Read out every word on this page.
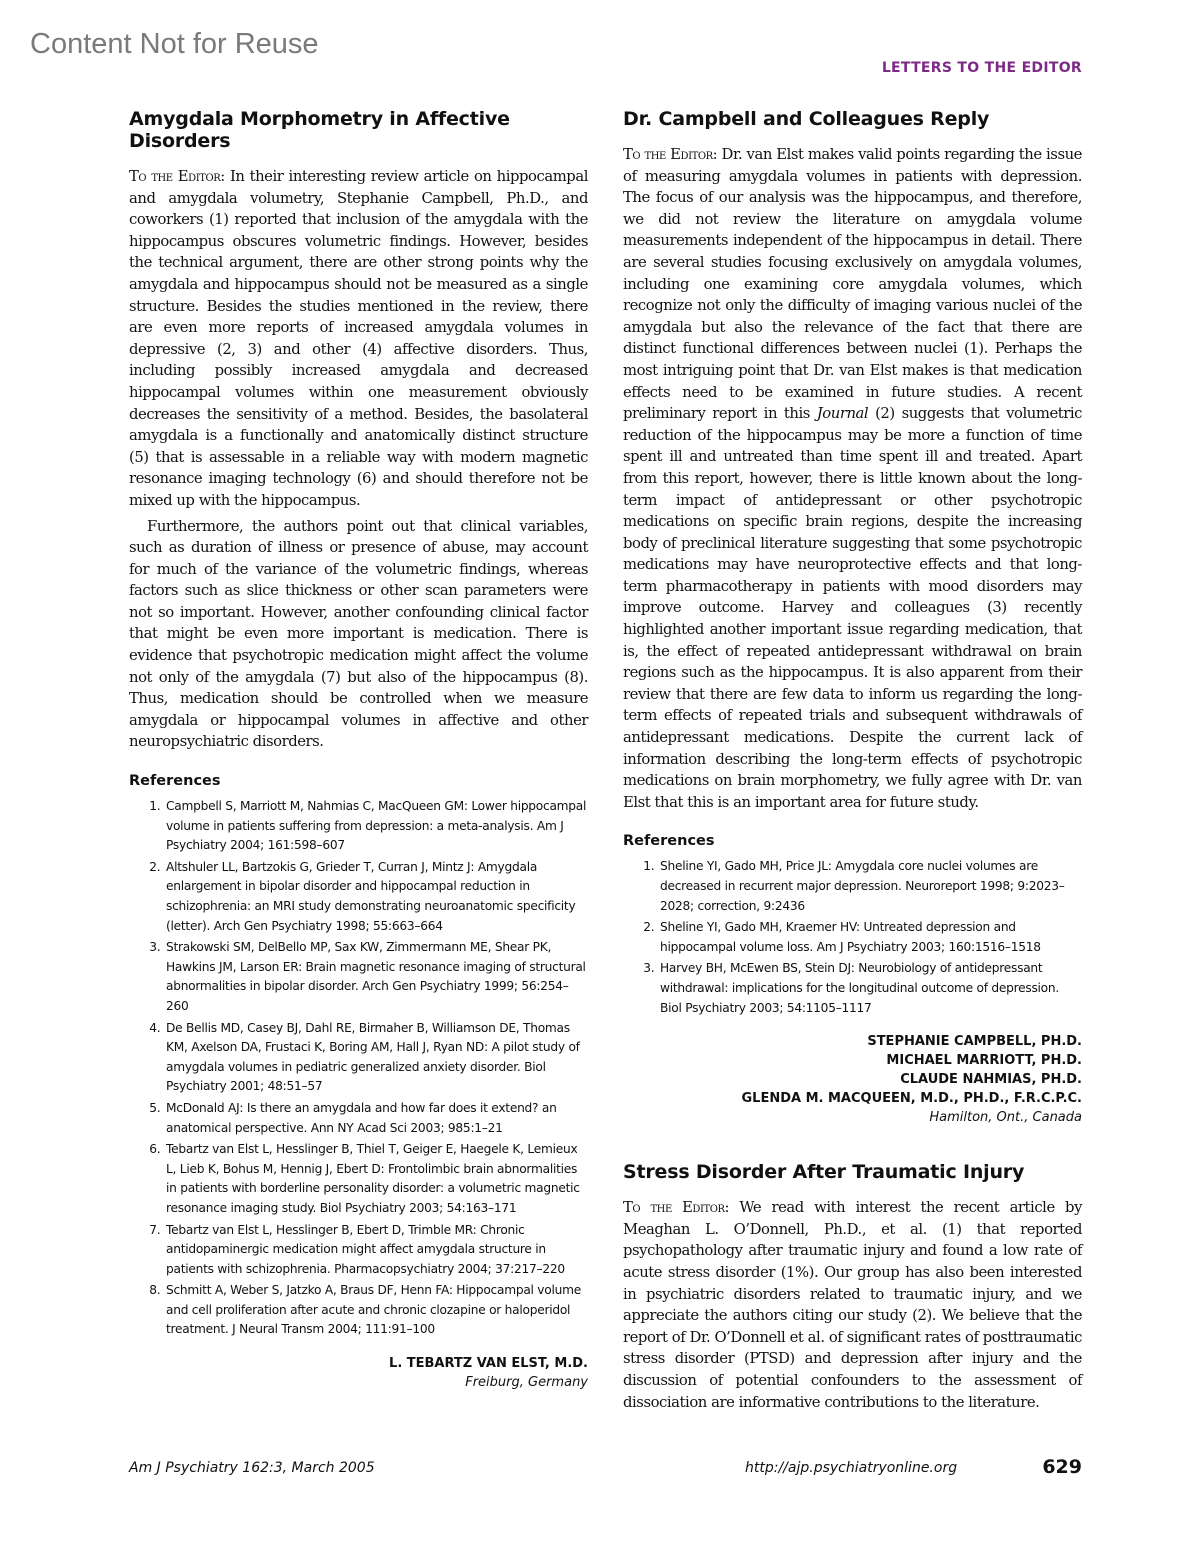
Content Not for Reuse
LETTERS TO THE EDITOR
Amygdala Morphometry in Affective Disorders

To the Editor: In their interesting review article on hippocampal and amygdala volumetry, Stephanie Campbell, Ph.D., and coworkers (1) reported that inclusion of the amygdala with the hippocampus obscures volumetric findings. However, besides the technical argument, there are other strong points why the amygdala and hippocampus should not be measured as a single structure. Besides the studies mentioned in the review, there are even more reports of increased amygdala volumes in depressive (2, 3) and other (4) affective disorders. Thus, including possibly increased amygdala and decreased hippocampal volumes within one measurement obviously decreases the sensitivity of a method. Besides, the basolateral amygdala is a functionally and anatomically distinct structure (5) that is assessable in a reliable way with modern magnetic resonance imaging technology (6) and should therefore not be mixed up with the hippocampus.

Furthermore, the authors point out that clinical variables, such as duration of illness or presence of abuse, may account for much of the variance of the volumetric findings, whereas factors such as slice thickness or other scan parameters were not so important. However, another confounding clinical factor that might be even more important is medication. There is evidence that psychotropic medication might affect the volume not only of the amygdala (7) but also of the hippocampus (8). Thus, medication should be controlled when we measure amygdala or hippocampal volumes in affective and other neuropsychiatric disorders.

References
1. Campbell S, Marriott M, Nahmias C, MacQueen GM: Lower hippocampal volume in patients suffering from depression: a meta-analysis. Am J Psychiatry 2004; 161:598–607
2. Altshuler LL, Bartzokis G, Grieder T, Curran J, Mintz J: Amygdala enlargement in bipolar disorder and hippocampal reduction in schizophrenia: an MRI study demonstrating neuroanatomic specificity (letter). Arch Gen Psychiatry 1998; 55:663–664
3. Strakowski SM, DelBello MP, Sax KW, Zimmermann ME, Shear PK, Hawkins JM, Larson ER: Brain magnetic resonance imaging of structural abnormalities in bipolar disorder. Arch Gen Psychiatry 1999; 56:254–260
4. De Bellis MD, Casey BJ, Dahl RE, Birmaher B, Williamson DE, Thomas KM, Axelson DA, Frustaci K, Boring AM, Hall J, Ryan ND: A pilot study of amygdala volumes in pediatric generalized anxiety disorder. Biol Psychiatry 2001; 48:51–57
5. McDonald AJ: Is there an amygdala and how far does it extend? an anatomical perspective. Ann NY Acad Sci 2003; 985:1–21
6. Tebartz van Elst L, Hesslinger B, Thiel T, Geiger E, Haegele K, Lemieux L, Lieb K, Bohus M, Hennig J, Ebert D: Frontolimbic brain abnormalities in patients with borderline personality disorder: a volumetric magnetic resonance imaging study. Biol Psychiatry 2003; 54:163–171
7. Tebartz van Elst L, Hesslinger B, Ebert D, Trimble MR: Chronic antidopaminergic medication might affect amygdala structure in patients with schizophrenia. Pharmacopsychiatry 2004; 37:217–220
8. Schmitt A, Weber S, Jatzko A, Braus DF, Henn FA: Hippocampal volume and cell proliferation after acute and chronic clozapine or haloperidol treatment. J Neural Transm 2004; 111:91–100
L. TEBARTZ VAN ELST, M.D.
Freiburg, Germany
Dr. Campbell and Colleagues Reply

To the Editor: Dr. van Elst makes valid points regarding the issue of measuring amygdala volumes in patients with depression. The focus of our analysis was the hippocampus, and therefore, we did not review the literature on amygdala volume measurements independent of the hippocampus in detail. There are several studies focusing exclusively on amygdala volumes, including one examining core amygdala volumes, which recognize not only the difficulty of imaging various nuclei of the amygdala but also the relevance of the fact that there are distinct functional differences between nuclei (1). Perhaps the most intriguing point that Dr. van Elst makes is that medication effects need to be examined in future studies. A recent preliminary report in this Journal (2) suggests that volumetric reduction of the hippocampus may be more a function of time spent ill and untreated than time spent ill and treated. Apart from this report, however, there is little known about the long-term impact of antidepressant or other psychotropic medications on specific brain regions, despite the increasing body of preclinical literature suggesting that some psychotropic medications may have neuroprotective effects and that long-term pharmacotherapy in patients with mood disorders may improve outcome. Harvey and colleagues (3) recently highlighted another important issue regarding medication, that is, the effect of repeated antidepressant withdrawal on brain regions such as the hippocampus. It is also apparent from their review that there are few data to inform us regarding the long-term effects of repeated trials and subsequent withdrawals of antidepressant medications. Despite the current lack of information describing the long-term effects of psychotropic medications on brain morphometry, we fully agree with Dr. van Elst that this is an important area for future study.

References
1. Sheline YI, Gado MH, Price JL: Amygdala core nuclei volumes are decreased in recurrent major depression. Neuroreport 1998; 9:2023–2028; correction, 9:2436
2. Sheline YI, Gado MH, Kraemer HV: Untreated depression and hippocampal volume loss. Am J Psychiatry 2003; 160:1516–1518
3. Harvey BH, McEwen BS, Stein DJ: Neurobiology of antidepressant withdrawal: implications for the longitudinal outcome of depression. Biol Psychiatry 2003; 54:1105–1117
STEPHANIE CAMPBELL, PH.D.
MICHAEL MARRIOTT, PH.D.
CLAUDE NAHMIAS, PH.D.
GLENDA M. MACQUEEN, M.D., PH.D., F.R.C.P.C.
Hamilton, Ont., Canada
Stress Disorder After Traumatic Injury

To the Editor: We read with interest the recent article by Meaghan L. O’Donnell, Ph.D., et al. (1) that reported psychopathology after traumatic injury and found a low rate of acute stress disorder (1%). Our group has also been interested in psychiatric disorders related to traumatic injury, and we appreciate the authors citing our study (2). We believe that the report of Dr. O’Donnell et al. of significant rates of posttraumatic stress disorder (PTSD) and depression after injury and the discussion of potential confounders to the assessment of dissociation are informative contributions to the literature.

Am J Psychiatry 162:3, March 2005	http://ajp.psychiatryonline.org	629
